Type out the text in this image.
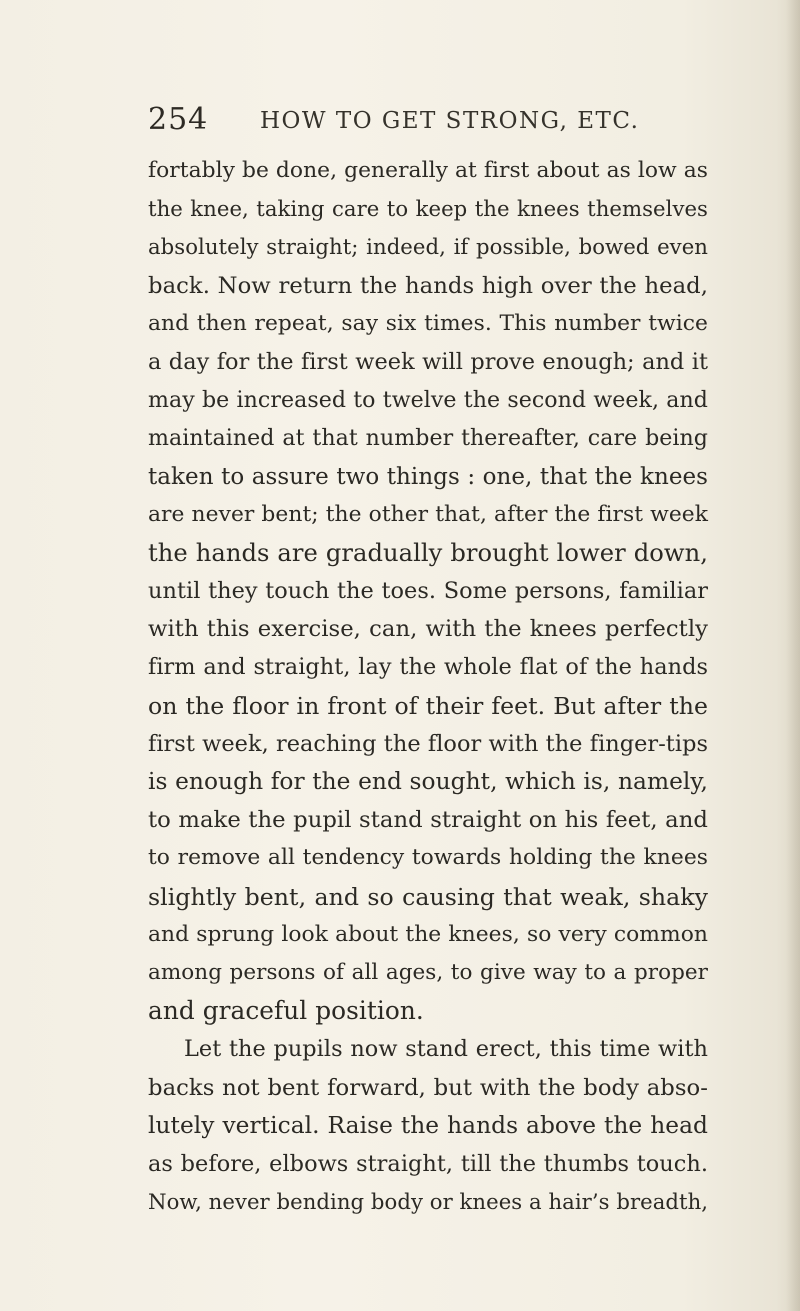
254 HOW TO GET STRONG, ETC.
fortably be done, generally at first about as low as
the knee, taking care to keep the knees themselves
absolutely straight; indeed, if possible, bowed even
back. Now return the hands high over the head,
and then repeat, say six times. This number twice
a day for the first week will prove enough; and it
may be increased to twelve the second week, and
maintained at that number thereafter, care being
taken to assure two things : one, that the knees
are never bent; the other that, after the first week
the hands are gradually brought lower down,
until they touch the toes. Some persons, familiar
with this exercise, can, with the knees perfectly
firm and straight, lay the whole flat of the hands
on the floor in front of their feet. But after the
first week, reaching the floor with the finger-tips
is enough for the end sought, which is, namely,
to make the pupil stand straight on his feet, and
to remove all tendency towards holding the knees
slightly bent, and so causing that weak, shaky
and sprung look about the knees, so very common
among persons of all ages, to give way to a proper
and graceful position.
Let the pupils now stand erect, this time with
backs not bent forward, but with the body abso-
lutely vertical. Raise the hands above the head
as before, elbows straight, till the thumbs touch.
Now, never bending body or knees a hair’s breadth,
